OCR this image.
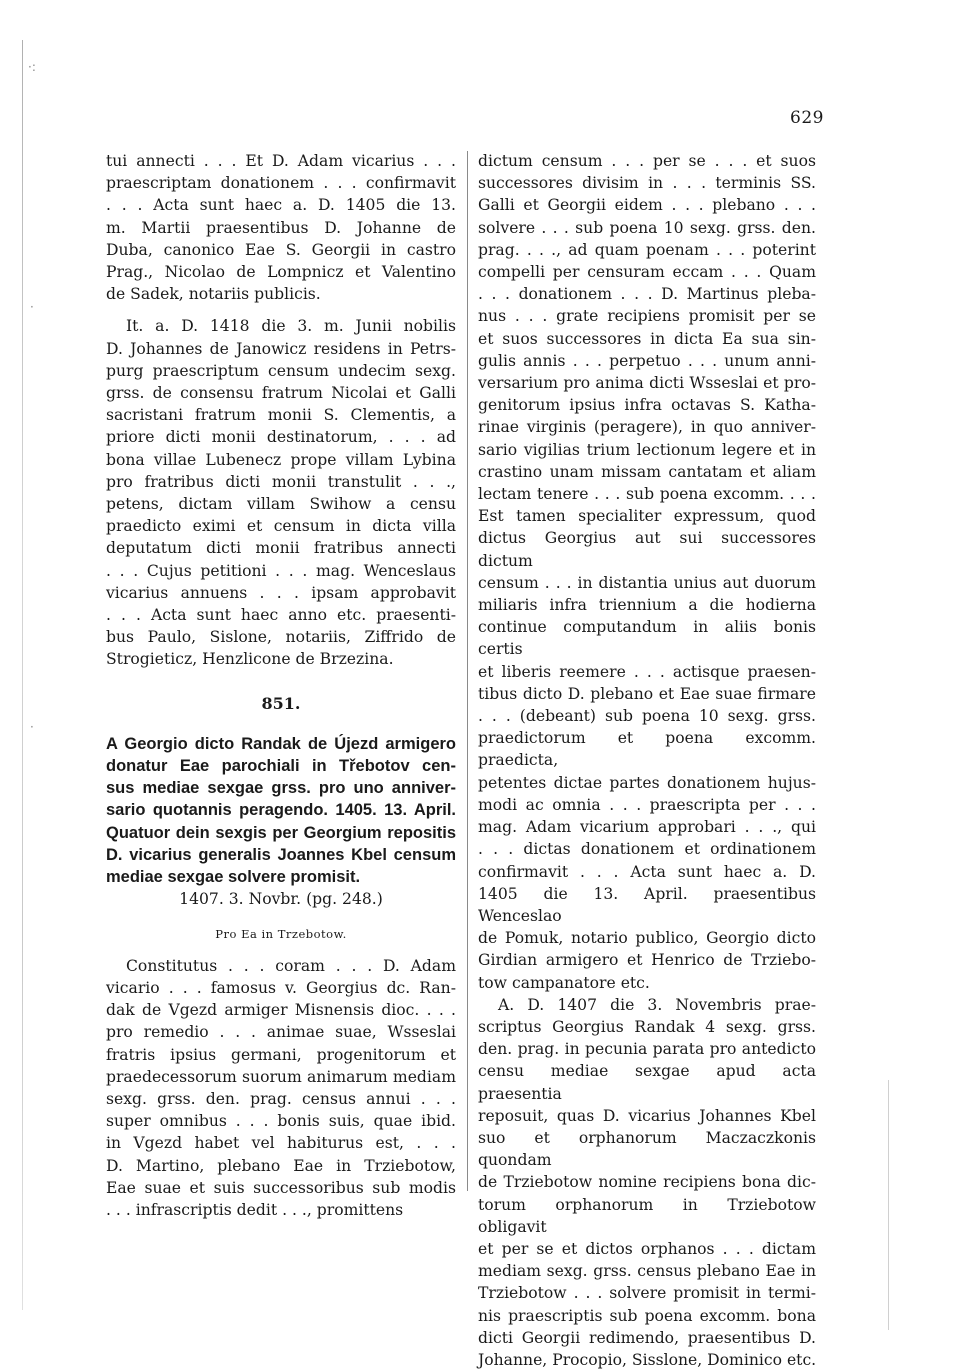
·:
·
·
629
tui annecti . . . Et D. Adam vicarius . . .
praescriptam donationem . . . confirmavit
. . . Acta sunt haec a. D. 1405 die 13.
m. Martii praesentibus D. Johanne de
Duba, canonico Eae S. Georgii in castro
Prag., Nicolao de Lompnicz et Valentino
de Sadek, notariis publicis.
It. a. D. 1418 die 3. m. Junii nobilis
D. Johannes de Janowicz residens in Petrs-
purg praescriptum censum undecim sexg.
grss. de consensu fratrum Nicolai et Galli
sacristani fratrum monii S. Clementis, a
priore dicti monii destinatorum, . . . ad
bona villae Lubenecz prope villam Lybina
pro fratribus dicti monii transtulit . . .,
petens, dictam villam Swihow a censu
praedicto eximi et censum in dicta villa
deputatum dicti monii fratribus annecti
. . . Cujus petitioni . . . mag. Wenceslaus
vicarius annuens . . . ipsam approbavit
. . . Acta sunt haec anno etc. praesenti-
bus Paulo, Sislone, notariis, Ziffrido de
Strogieticz, Henzlicone de Brzezina.
851.
A Georgio dicto Randak de Újezd armigero
donatur Eae parochiali in Třebotov cen-
sus mediae sexgae grss. pro uno anniver-
sario quotannis peragendo. 1405. 13. April.
Quatuor dein sexgis per Georgium repositis
D. vicarius generalis Joannes Kbel censum
mediae sexgae solvere promisit.
1407. 3. Novbr. (pg. 248.)
Pro Ea in Trzebotow.
Constitutus . . . coram . . . D. Adam
vicario . . . famosus v. Georgius dc. Ran-
dak de Vgezd armiger Misnensis dioc. . . .
pro remedio . . . animae suae, Wsseslai
fratris ipsius germani, progenitorum et
praedecessorum suorum animarum mediam
sexg. grss. den. prag. census annui . . .
super omnibus . . . bonis suis, quae ibid.
in Vgezd habet vel habiturus est, . . .
D. Martino, plebano Eae in Trziebotow,
Eae suae et suis successoribus sub modis
. . . infrascriptis dedit . . ., promittens
dictum censum . . . per se . . . et suos
successores divisim in . . . terminis SS.
Galli et Georgii eidem . . . plebano . . .
solvere . . . sub poena 10 sexg. grss. den.
prag. . . ., ad quam poenam . . . poterint
compelli per censuram eccam . . . Quam
. . . donationem . . . D. Martinus pleba-
nus . . . grate recipiens promisit per se
et suos successores in dicta Ea sua sin-
gulis annis . . . perpetuo . . . unum anni-
versarium pro anima dicti Wsseslai et pro-
genitorum ipsius infra octavas S. Katha-
rinae virginis (peragere), in quo anniver-
sario vigilias trium lectionum legere et in
crastino unam missam cantatam et aliam
lectam tenere . . . sub poena excomm. . . .
Est tamen specialiter expressum, quod
dictus Georgius aut sui successores dictum
censum . . . in distantia unius aut duorum
miliaris infra triennium a die hodierna
continue computandum in aliis bonis certis
et liberis reemere . . . actisque praesen-
tibus dicto D. plebano et Eae suae firmare
. . . (debeant) sub poena 10 sexg. grss.
praedictorum et poena excomm. praedicta,
petentes dictae partes donationem hujus-
modi ac omnia . . . praescripta per . . .
mag. Adam vicarium approbari . . ., qui
. . . dictas donationem et ordinationem
confirmavit . . . Acta sunt haec a. D.
1405 die 13. April. praesentibus Wenceslao
de Pomuk, notario publico, Georgio dicto
Girdian armigero et Henrico de Trziebo-
tow campanatore etc.
A. D. 1407 die 3. Novembris prae-
scriptus Georgius Randak 4 sexg. grss.
den. prag. in pecunia parata pro antedicto
censu mediae sexgae apud acta praesentia
reposuit, quas D. vicarius Johannes Kbel
suo et orphanorum Maczaczkonis quondam
de Trziebotow nomine recipiens bona dic-
torum orphanorum in Trziebotow obligavit
et per se et dictos orphanos . . . dictam
mediam sexg. grss. census plebano Eae in
Trziebotow . . . solvere promisit in termi-
nis praescriptis sub poena excomm. bona
dicti Georgii redimendo, praesentibus D.
Johanne, Procopio, Sisslone, Dominico etc.
